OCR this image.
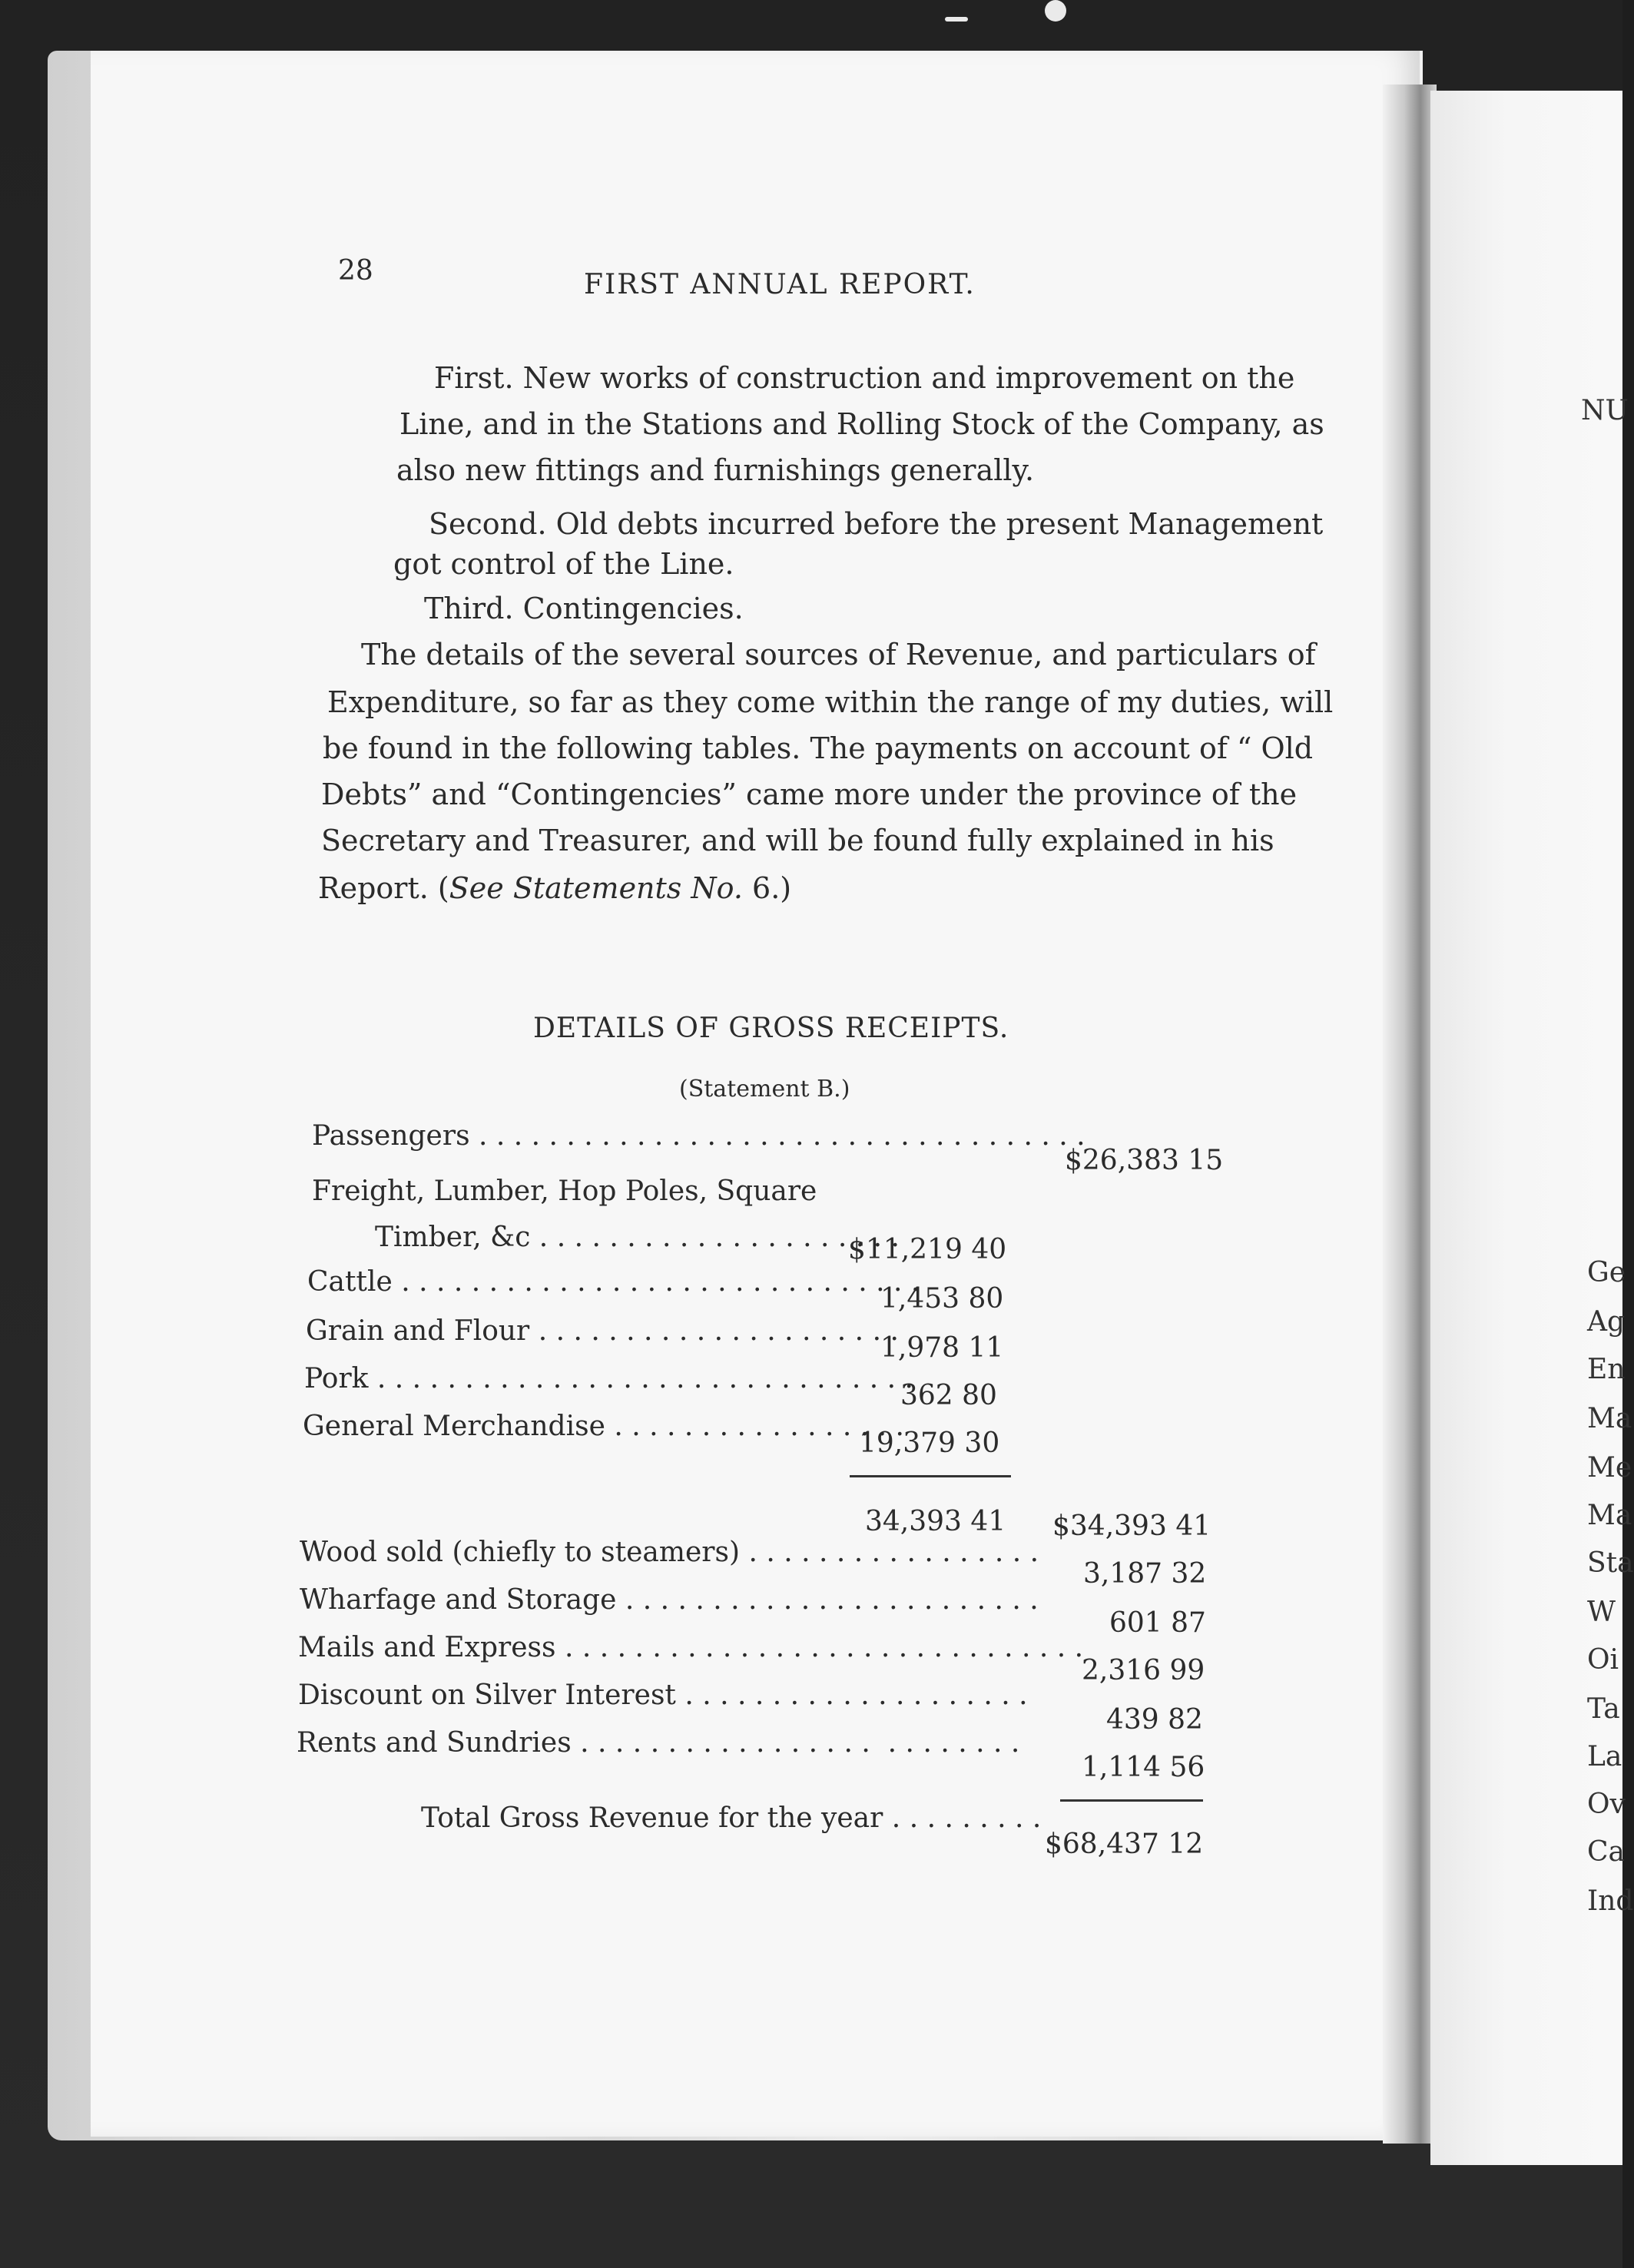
28	FIRST ANNUAL REPORT.
First. New works of construction and improvement on the
Line, and in the Stations and Rolling Stock of the Company, as
also new fittings and furnishings generally.
Second. Old debts incurred before the present Management
got control of the Line.
Third. Contingencies.
The details of the several sources of Revenue, and particulars of
Expenditure, so far as they come within the range of my duties, will
be found in the following tables. The payments on account of “ Old
Debts” and “Contingencies” came more under the province of the
Secretary and Treasurer, and will be found fully explained in his
Report. (See Statements No. 6.)
DETAILS OF GROSS RECEIPTS.
(Statement B.)
Passengers . . . . . . . . . . . . . . . . . . . . . . . . . . . . . . . . . . .
$26,383 15
Freight, Lumber, Hop Poles, Square
Timber, &c . . . . . . . . . . . . . . . . . . . . .
$11,219 40
Cattle . . . . . . . . . . . . . . . . . . . . . . . . . . . . . .
1,453 80
Grain and Flour . . . . . . . . . . . . . . . . . . . . .
1,978 11
Pork . . . . . . . . . . . . . . . . . . . . . . . . . . . . . . .
362 80
General Merchandise . . . . . . . . . . . . . . . . .
19,379 30
34,393 41 $34,393 41
Wood sold (chiefly to steamers) . . . . . . . . . . . . . . . . .
3,187 32
Wharfage and Storage . . . . . . . . . . . . . . . . . . . . . . . .
601 87
Mails and Express . . . . . . . . . . . . . . . . . . . . . . . . . . . . . .
2,316 99
Discount on Silver Interest . . . . . . . . . . . . . . . . . . . .
439 82
Rents and Sundries . . . . . . . . . . . . . . . . .  . . . . . . . .
1,114 56
Total Gross Revenue for the year . . . . . . . . .
$68,437 12
NU
Ge
Ag
En
Ma
Me
Ma
Sta
W
Oi
Ta
La
Ov
Ca
Ind
